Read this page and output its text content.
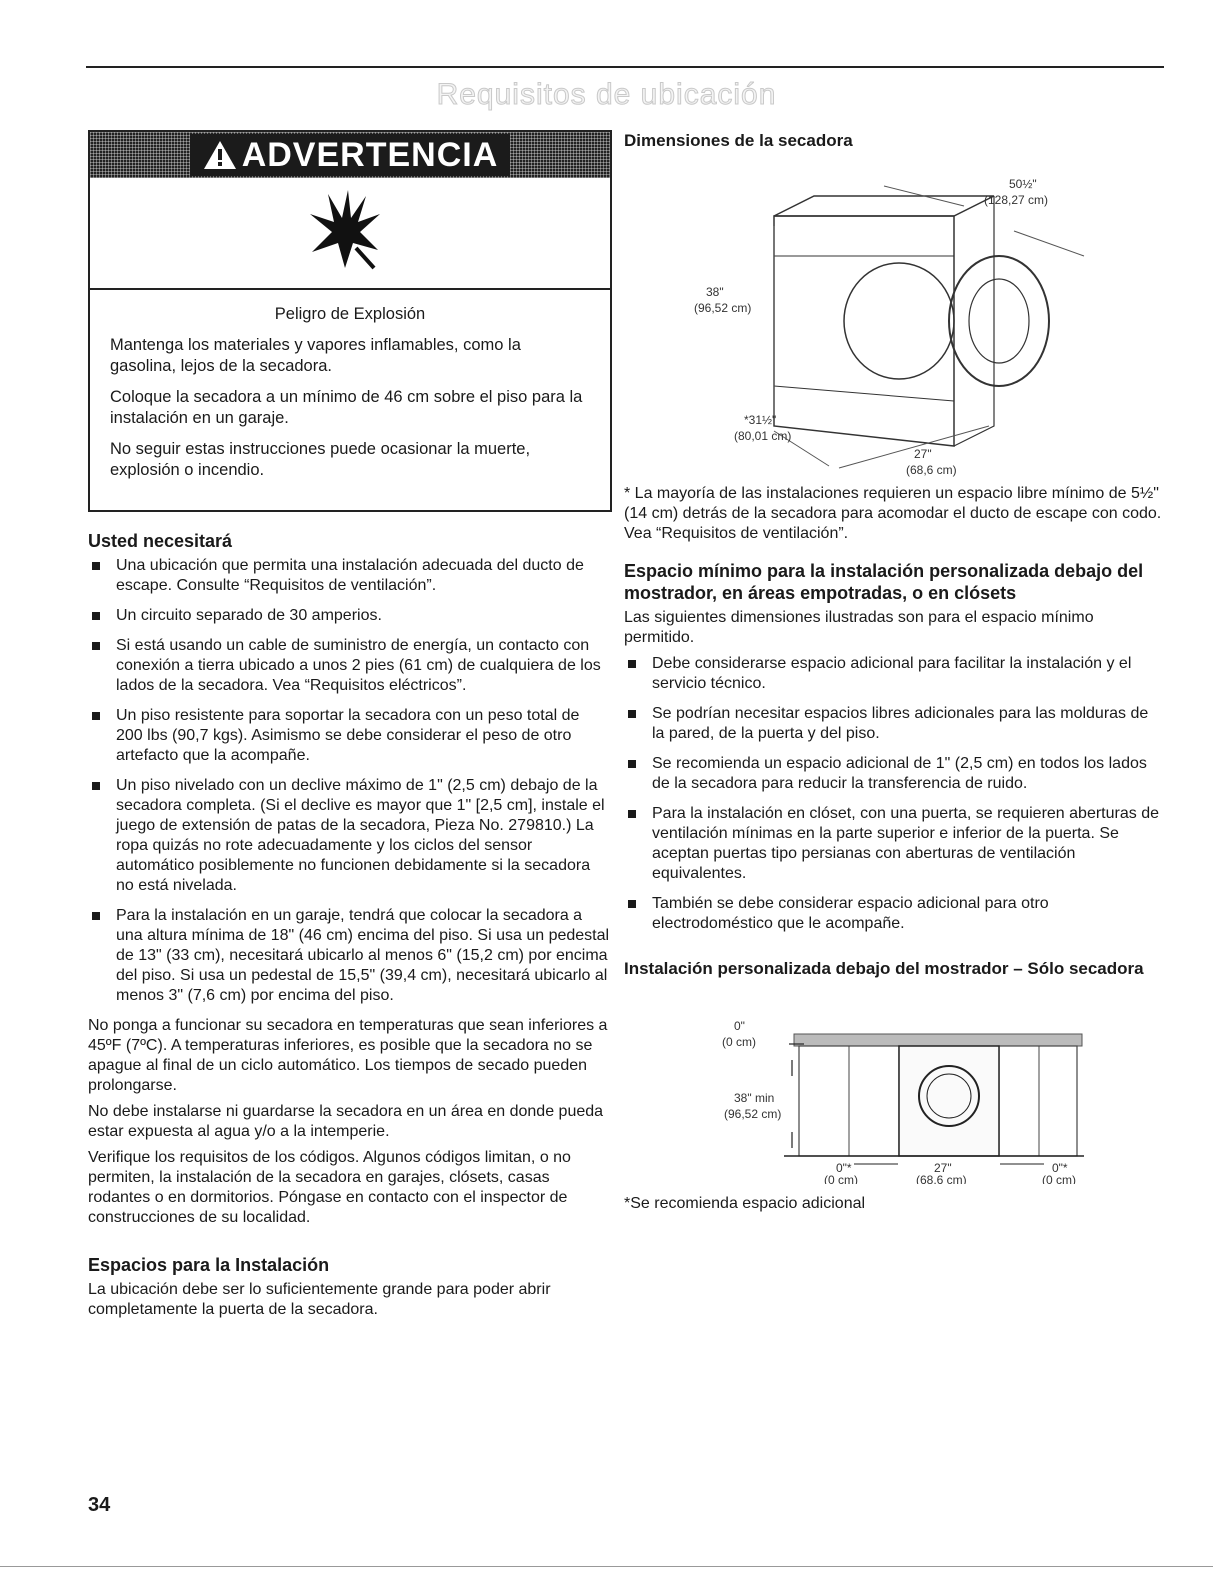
Requisitos de ubicación
ADVERTENCIA

Peligro de Explosión

Mantenga los materiales y vapores inflamables, como la gasolina, lejos de la secadora.

Coloque la secadora a un mínimo de 46 cm sobre el piso para la instalación en un garaje.

No seguir estas instrucciones puede ocasionar la muerte, explosión o incendio.

Usted necesitará
Una ubicación que permita una instalación adecuada del ducto de escape. Consulte “Requisitos de ventilación”.
Un circuito separado de 30 amperios.
Si está usando un cable de suministro de energía, un contacto con conexión a tierra ubicado a unos 2 pies (61 cm) de cualquiera de los lados de la secadora. Vea “Requisitos eléctricos”.
Un piso resistente para soportar la secadora con un peso total de 200 lbs (90,7 kgs). Asimismo se debe considerar el peso de otro artefacto que la acompañe.
Un piso nivelado con un declive máximo de 1" (2,5 cm) debajo de la secadora completa. (Si el declive es mayor que 1" [2,5 cm], instale el juego de extensión de patas de la secadora, Pieza No. 279810.) La ropa quizás no rote adecuadamente y los ciclos del sensor automático posiblemente no funcionen debidamente si la secadora no está nivelada.
Para la instalación en un garaje, tendrá que colocar la secadora a una altura mínima de 18" (46 cm) encima del piso. Si usa un pedestal de 13" (33 cm), necesitará ubicarlo al menos 6" (15,2 cm) por encima del piso. Si usa un pedestal de 15,5" (39,4 cm), necesitará ubicarlo al menos 3" (7,6 cm) por encima del piso.

No ponga a funcionar su secadora en temperaturas que sean inferiores a 45ºF (7ºC). A temperaturas inferiores, es posible que la secadora no se apague al final de un ciclo automático. Los tiempos de secado pueden prolongarse.

No debe instalarse ni guardarse la secadora en un área en donde pueda estar expuesta al agua y/o a la intemperie.

Verifique los requisitos de los códigos. Algunos códigos limitan, o no permiten, la instalación de la secadora en garajes, clósets, casas rodantes o en dormitorios. Póngase en contacto con el inspector de construcciones de su localidad.

Espacios para la Instalación

La ubicación debe ser lo suficientemente grande para poder abrir completamente la puerta de la secadora.

Dimensiones de la secadora
50½"
(128,27 cm)
38"
(96,52 cm)
*31½"
(80,01 cm)
27"
(68,6 cm)

* La mayoría de las instalaciones requieren un espacio libre mínimo de 5½" (14 cm) detrás de la secadora para acomodar el ducto de escape con codo. Vea “Requisitos de ventilación”.

Espacio mínimo para la instalación personalizada debajo del mostrador, en áreas empotradas, o en clósets

Las siguientes dimensiones ilustradas son para el espacio mínimo permitido.

Debe considerarse espacio adicional para facilitar la instalación y el servicio técnico.
Se podrían necesitar espacios libres adicionales para las molduras de la pared, de la puerta y del piso.
Se recomienda un espacio adicional de 1" (2,5 cm) en todos los lados de la secadora para reducir la transferencia de ruido.
Para la instalación en clóset, con una puerta, se requieren aberturas de ventilación mínimas en la parte superior e inferior de la puerta. Se aceptan puertas tipo persianas con aberturas de ventilación equivalentes.
También se debe considerar espacio adicional para otro electrodoméstico que le acompañe.
Instalación personalizada debajo del mostrador – Sólo secadora
0"
(0 cm)
38" min
(96,52 cm)
0"*
(0 cm)
27"
(68,6 cm)
0"*
(0 cm)

*Se recomienda espacio adicional

34
